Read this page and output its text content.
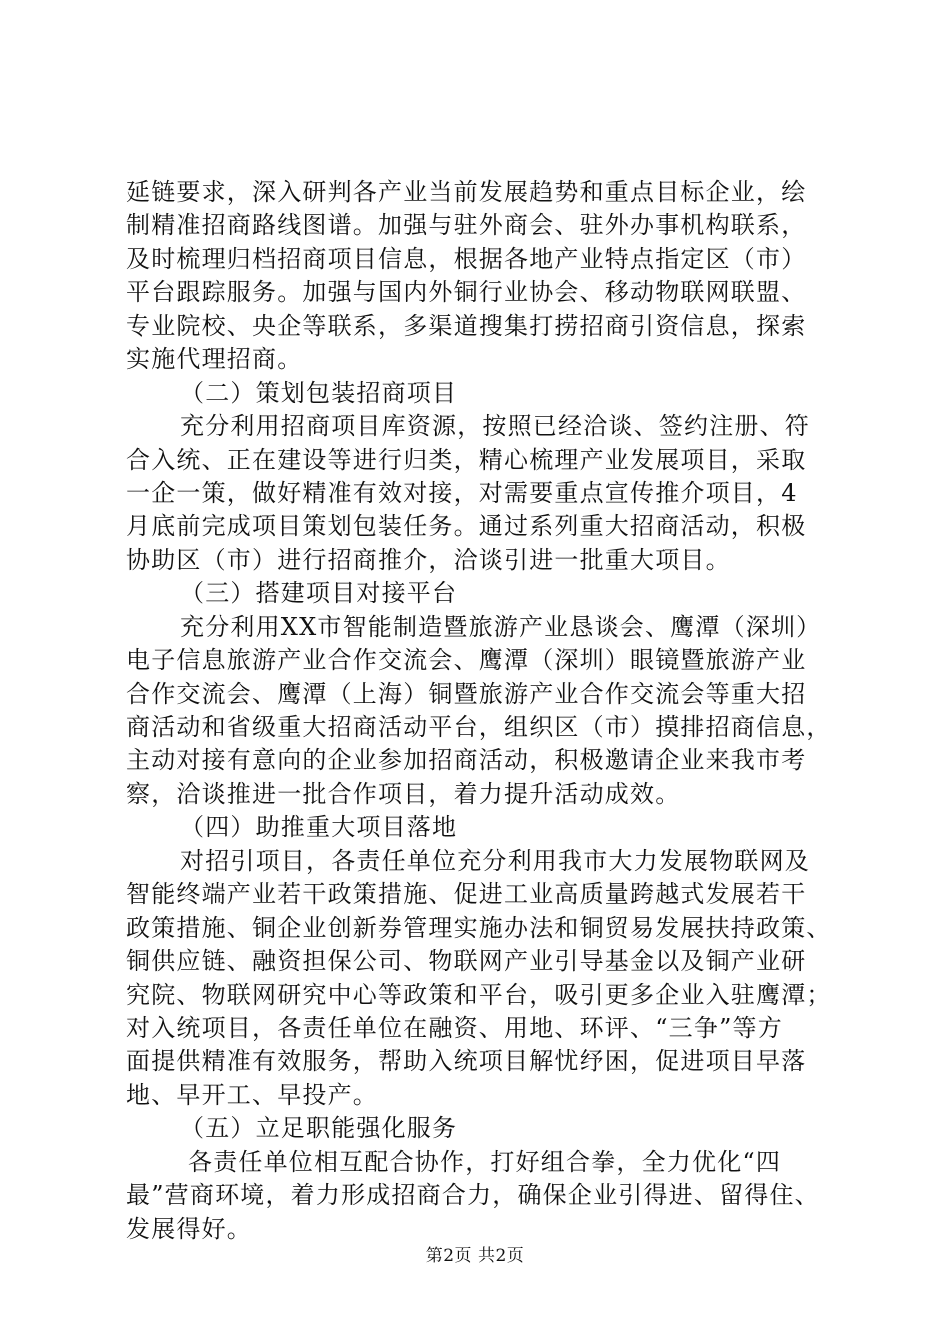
延链要求，深入研判各产业当前发展趋势和重点目标企业，绘
制精准招商路线图谱。加强与驻外商会、驻外办事机构联系，
及时梳理归档招商项目信息，根据各地产业特点指定区（市）
平台跟踪服务。加强与国内外铜行业协会、移动物联网联盟、
专业院校、央企等联系，多渠道搜集打捞招商引资信息，探索
实施代理招商。
（二）策划包装招商项目
充分利用招商项目库资源，按照已经洽谈、签约注册、符
合入统、正在建设等进行归类，精心梳理产业发展项目，采取
一企一策，做好精准有效对接，对需要重点宣传推介项目，4
月底前完成项目策划包装任务。通过系列重大招商活动，积极
协助区（市）进行招商推介，洽谈引进一批重大项目。
（三）搭建项目对接平台
充分利用XX市智能制造暨旅游产业恳谈会、鹰潭（深圳）
电子信息旅游产业合作交流会、鹰潭（深圳）眼镜暨旅游产业
合作交流会、鹰潭（上海）铜暨旅游产业合作交流会等重大招
商活动和省级重大招商活动平台，组织区（市）摸排招商信息，
主动对接有意向的企业参加招商活动，积极邀请企业来我市考
察，洽谈推进一批合作项目，着力提升活动成效。
（四）助推重大项目落地
对招引项目，各责任单位充分利用我市大力发展物联网及
智能终端产业若干政策措施、促进工业高质量跨越式发展若干
政策措施、铜企业创新券管理实施办法和铜贸易发展扶持政策、
铜供应链、融资担保公司、物联网产业引导基金以及铜产业研
究院、物联网研究中心等政策和平台，吸引更多企业入驻鹰潭；
对入统项目，各责任单位在融资、用地、环评、“三争”等方
面提供精准有效服务，帮助入统项目解忧纾困，促进项目早落
地、早开工、早投产。
（五）立足职能强化服务
各责任单位相互配合协作，打好组合拳，全力优化“四
最”营商环境，着力形成招商合力，确保企业引得进、留得住、
发展得好。
第2页 共2页
